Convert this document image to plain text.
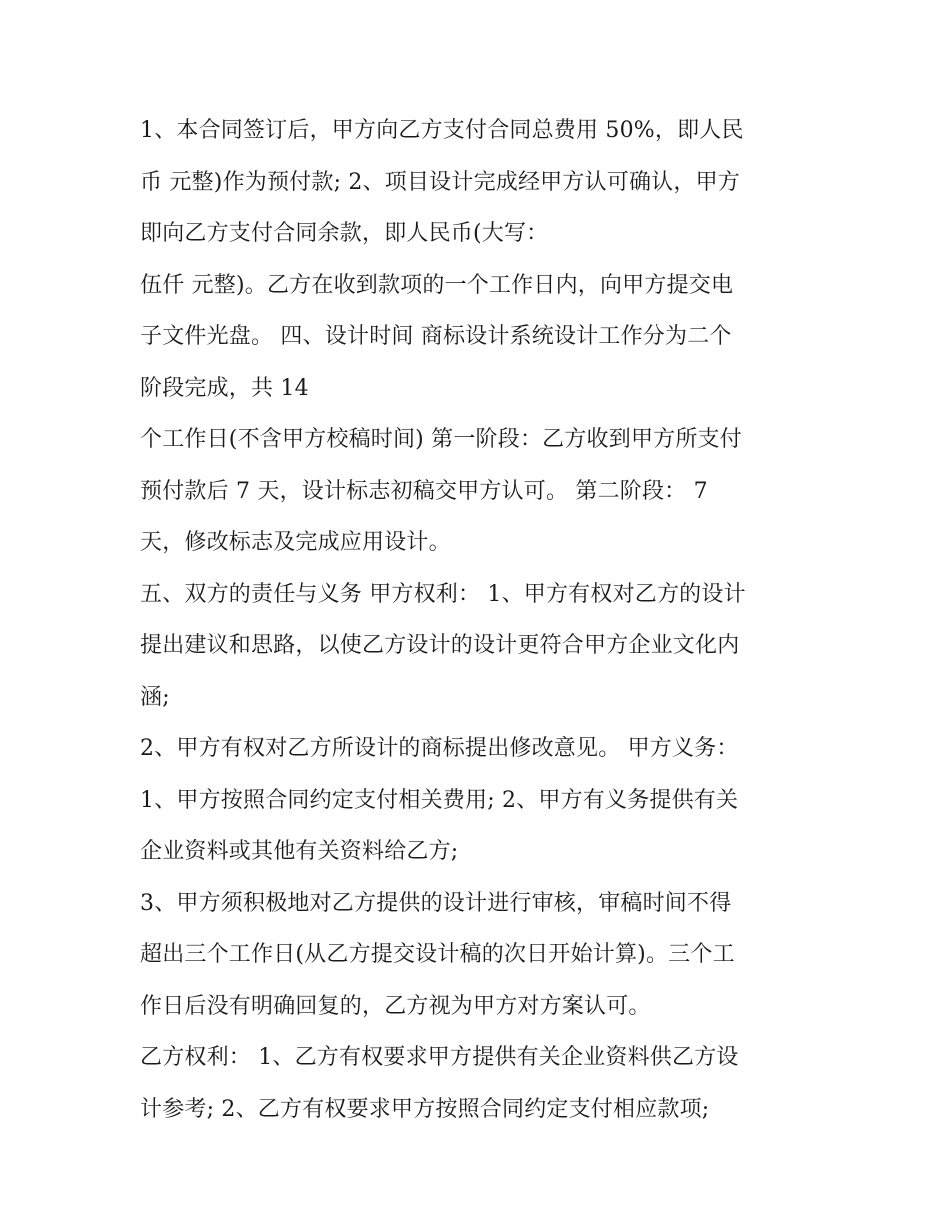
1、本合同签订后，甲方向乙方支付合同总费用 50%，即人民
币 元整)作为预付款; 2、项目设计完成经甲方认可确认，甲方
即向乙方支付合同余款，即人民币(大写：
伍仟 元整)。乙方在收到款项的一个工作日内，向甲方提交电
子文件光盘。 四、设计时间 商标设计系统设计工作分为二个
阶段完成，共 14
个工作日(不含甲方校稿时间) 第一阶段：乙方收到甲方所支付
预付款后 7 天，设计标志初稿交甲方认可。 第二阶段： 7
天，修改标志及完成应用设计。
五、双方的责任与义务 甲方权利： 1、甲方有权对乙方的设计
提出建议和思路，以使乙方设计的设计更符合甲方企业文化内
涵;
2、甲方有权对乙方所设计的商标提出修改意见。 甲方义务：
1、甲方按照合同约定支付相关费用; 2、甲方有义务提供有关
企业资料或其他有关资料给乙方;
3、甲方须积极地对乙方提供的设计进行审核，审稿时间不得
超出三个工作日(从乙方提交设计稿的次日开始计算)。三个工
作日后没有明确回复的，乙方视为甲方对方案认可。
乙方权利： 1、乙方有权要求甲方提供有关企业资料供乙方设
计参考; 2、乙方有权要求甲方按照合同约定支付相应款项;
